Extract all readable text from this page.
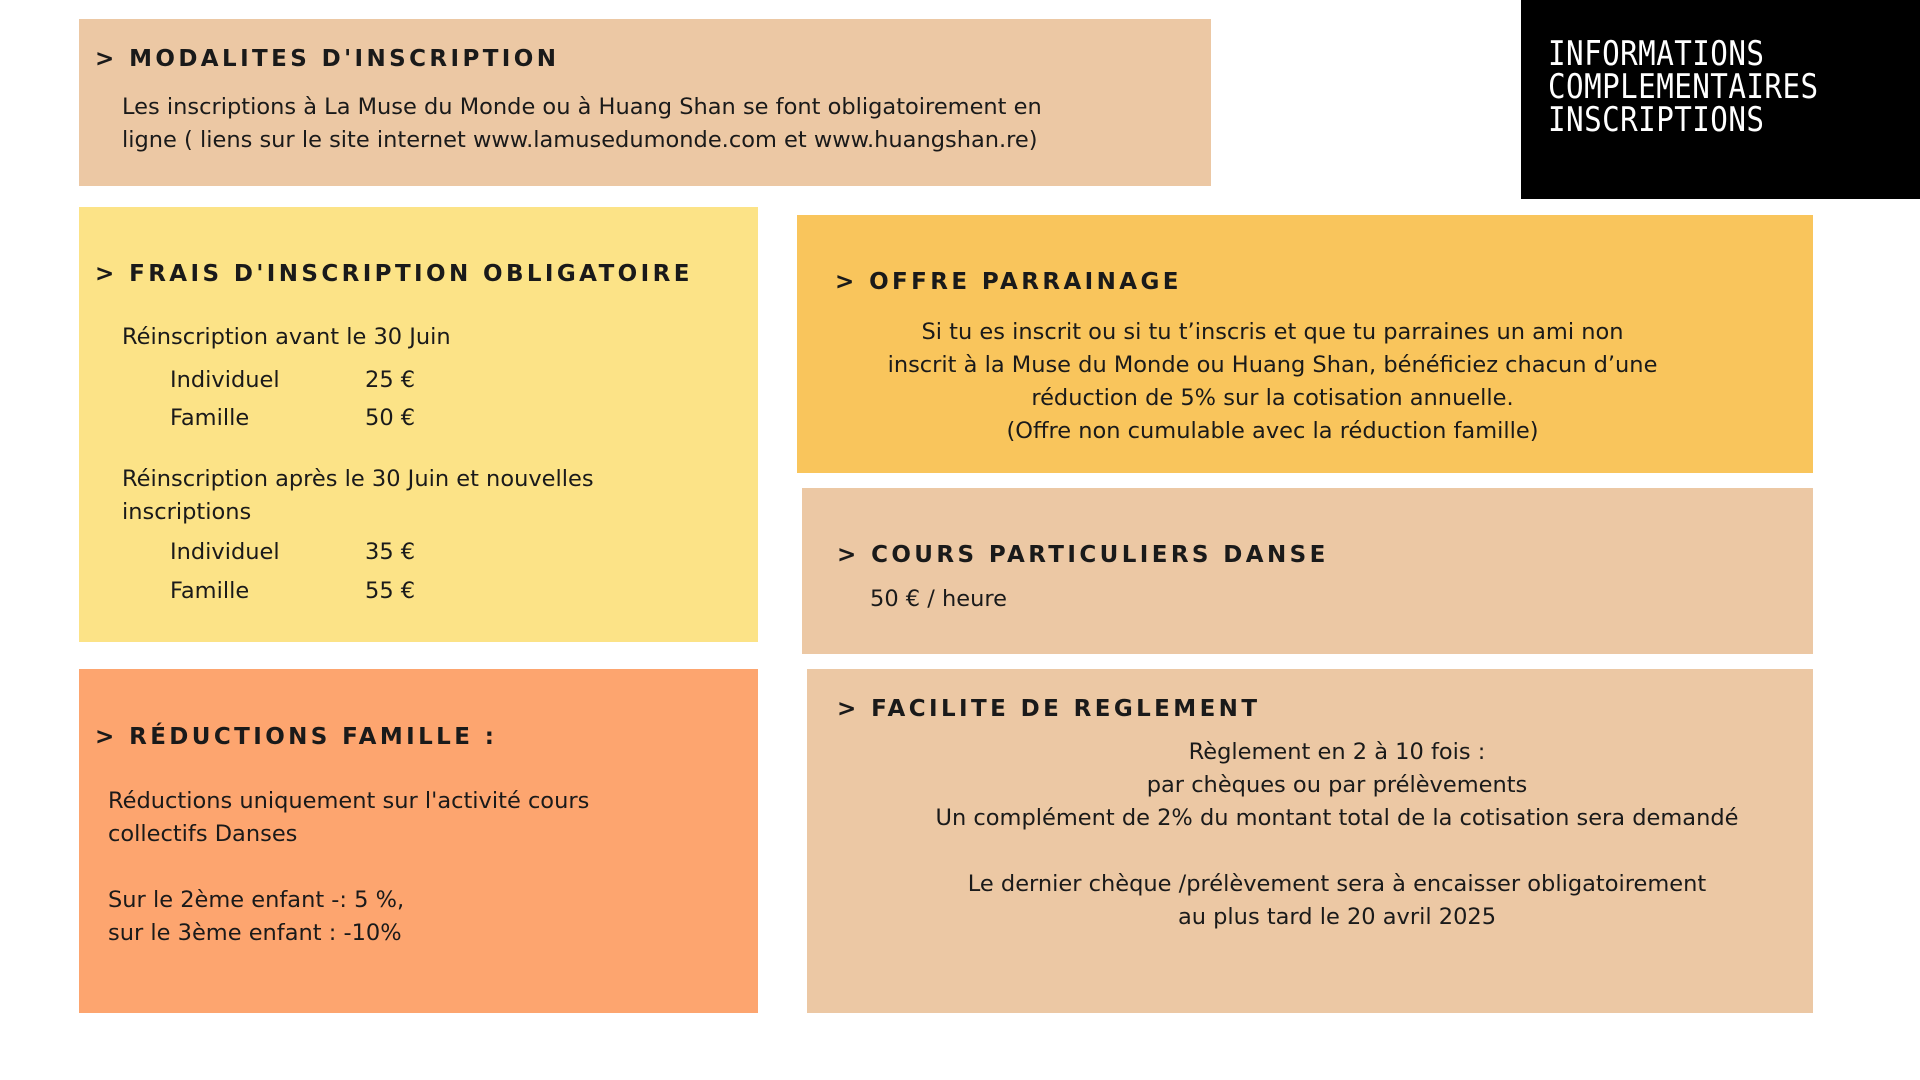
INFORMATIONS
COMPLEMENTAIRES
INSCRIPTIONS
> MODALITES D'INSCRIPTION

Les inscriptions à La Muse du Monde ou à Huang Shan se font obligatoirement en
ligne ( liens sur le site internet www.lamusedumonde.com et www.huangshan.re)

> FRAIS D'INSCRIPTION OBLIGATOIRE

Réinscription avant le 30 Juin

Individuel	25 €
Famille	50 €

Réinscription après le 30 Juin et nouvelles
inscriptions

Individuel	35 €
Famille	55 €
> RÉDUCTIONS FAMILLE :

Réductions uniquement sur l'activité cours
collectifs Danses

Sur le 2ème enfant -: 5 %,
sur le 3ème enfant : -10%

> OFFRE PARRAINAGE

Si tu es inscrit ou si tu t’inscris et que tu parraines un ami non
inscrit à la Muse du Monde ou Huang Shan, bénéficiez chacun d’une
réduction de 5% sur la cotisation annuelle.
(Offre non cumulable avec la réduction famille)

> COURS PARTICULIERS DANSE

50 € / heure

> FACILITE DE REGLEMENT

Règlement en 2 à 10 fois :
par chèques ou par prélèvements
Un complément de 2% du montant total de la cotisation sera demandé

Le dernier chèque /prélèvement sera à encaisser obligatoirement
au plus tard le 20 avril 2025
